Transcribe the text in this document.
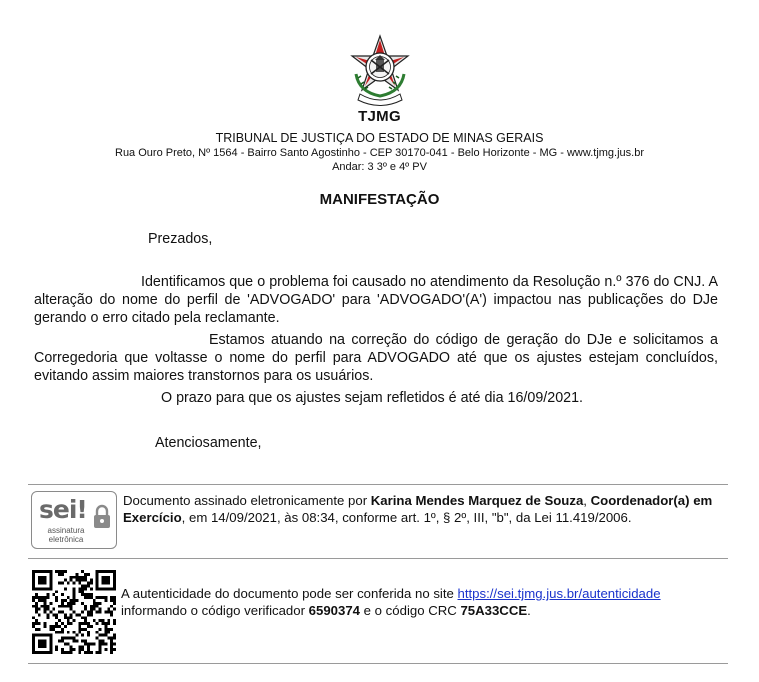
TJMG
TRIBUNAL DE JUSTIÇA DO ESTADO DE MINAS GERAIS
Rua Ouro Preto, Nº 1564 - Bairro Santo Agostinho - CEP 30170-041 - Belo Horizonte - MG - www.tjmg.jus.br
Andar: 3 3º e 4º PV
MANIFESTAÇÃO
Prezados,
Identificamos que o problema foi causado no atendimento da Resolução n.º 376 do CNJ. A alteração do nome do perfil de 'ADVOGADO' para 'ADVOGADO'(A') impactou nas publicações do DJe gerando o erro citado pela reclamante.
Estamos atuando na correção do código de geração do DJe e solicitamos a Corregedoria que voltasse o nome do perfil para ADVOGADO até que os ajustes estejam concluídos, evitando assim maiores transtornos para os usuários.
O prazo para que os ajustes sejam refletidos é até dia 16/09/2021.
Atenciosamente,
sei!
assinatura eletrônica
Documento assinado eletronicamente por Karina Mendes Marquez de Souza, Coordenador(a) em Exercício, em 14/09/2021, às 08:34, conforme art. 1º, § 2º, III, "b", da Lei 11.419/2006.
A autenticidade do documento pode ser conferida no site https://sei.tjmg.jus.br/autenticidade informando o código verificador 6590374 e o código CRC 75A33CCE.
